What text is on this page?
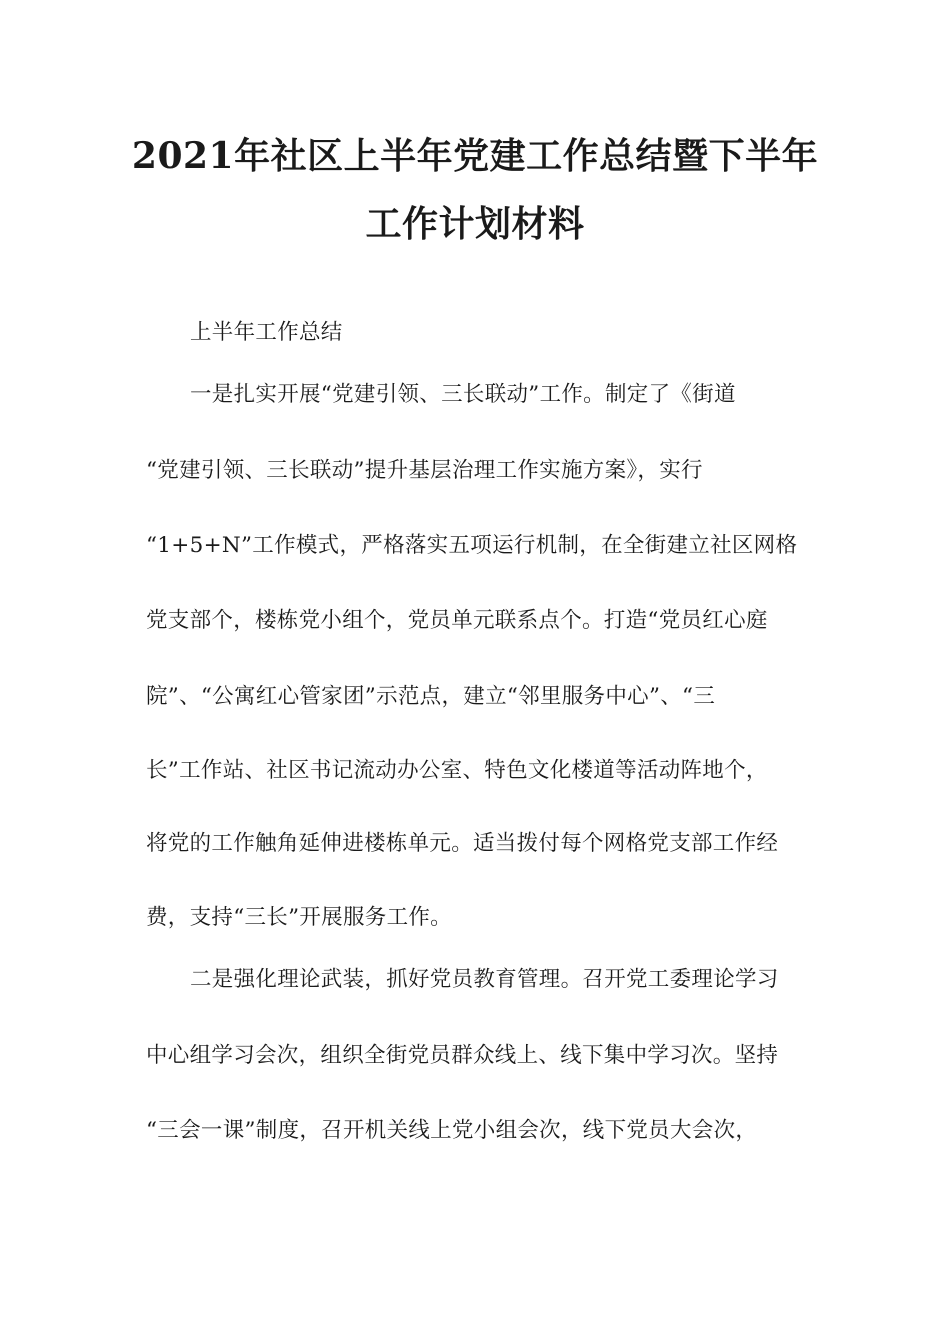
2021年社区上半年党建工作总结暨下半年
工作计划材料
上半年工作总结
一是扎实开展“党建引领、三长联动”工作。制定了《街道
“党建引领、三长联动”提升基层治理工作实施方案》，实行
“1+5+N”工作模式，严格落实五项运行机制，在全街建立社区网格
党支部个，楼栋党小组个，党员单元联系点个。打造“党员红心庭
院”、“公寓红心管家团”示范点，建立“邻里服务中心”、“三
长”工作站、社区书记流动办公室、特色文化楼道等活动阵地个，
将党的工作触角延伸进楼栋单元。适当拨付每个网格党支部工作经
费，支持“三长”开展服务工作。
二是强化理论武装，抓好党员教育管理。召开党工委理论学习
中心组学习会次，组织全街党员群众线上、线下集中学习次。坚持
“三会一课”制度，召开机关线上党小组会次，线下党员大会次，
